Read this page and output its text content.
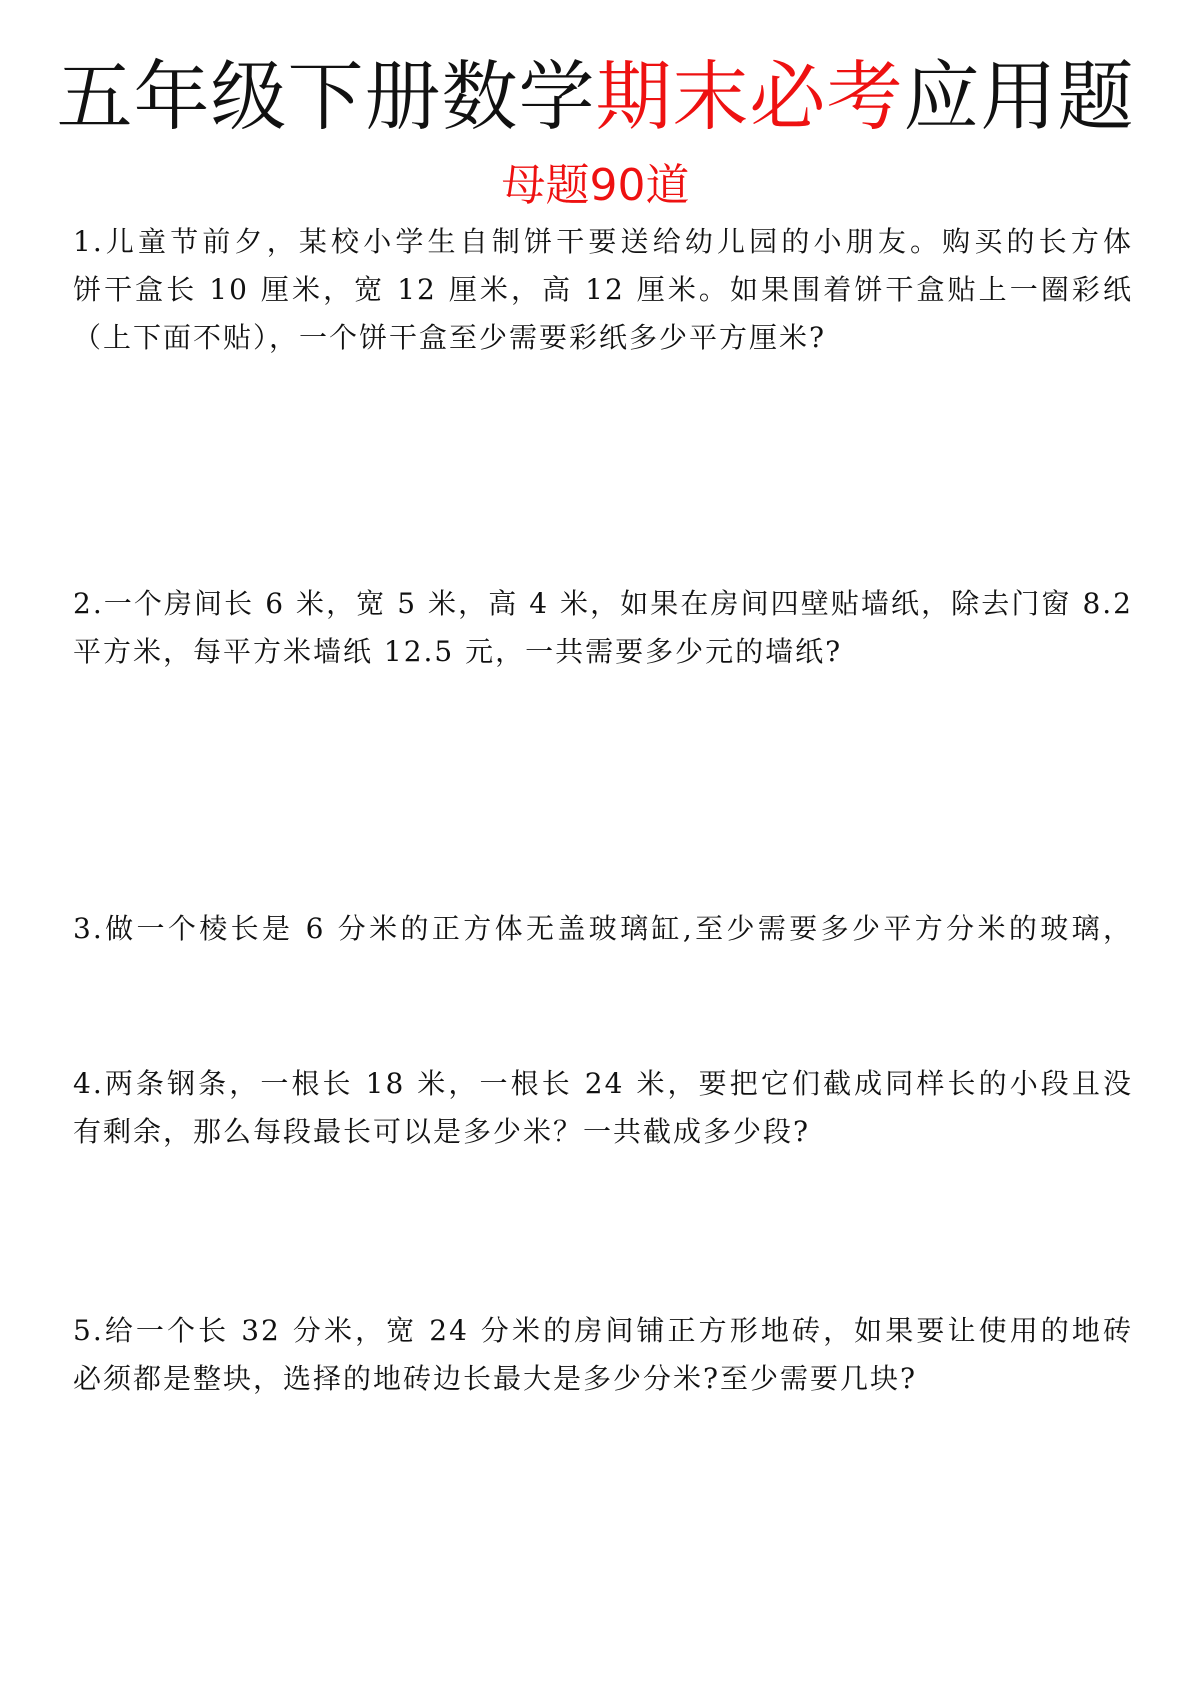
五年级下册数学期末必考应用题
母题90道
1.儿童节前夕，某校小学生自制饼干要送给幼儿园的小朋友。购买的长方体
饼干盒长 10 厘米，宽 12 厘米，高 12 厘米。如果围着饼干盒贴上一圈彩纸
（上下面不贴），一个饼干盒至少需要彩纸多少平方厘米?
2.一个房间长 6 米，宽 5 米，高 4 米，如果在房间四壁贴墙纸，除去门窗 8.2
平方米，每平方米墙纸 12.5 元，一共需要多少元的墙纸?
3.做一个棱长是 6 分米的正方体无盖玻璃缸,至少需要多少平方分米的玻璃，
4.两条钢条，一根长 18 米，一根长 24 米，要把它们截成同样长的小段且没
有剩余，那么每段最长可以是多少米？一共截成多少段?
5.给一个长 32 分米，宽 24 分米的房间铺正方形地砖，如果要让使用的地砖
必须都是整块，选择的地砖边长最大是多少分米?至少需要几块?
